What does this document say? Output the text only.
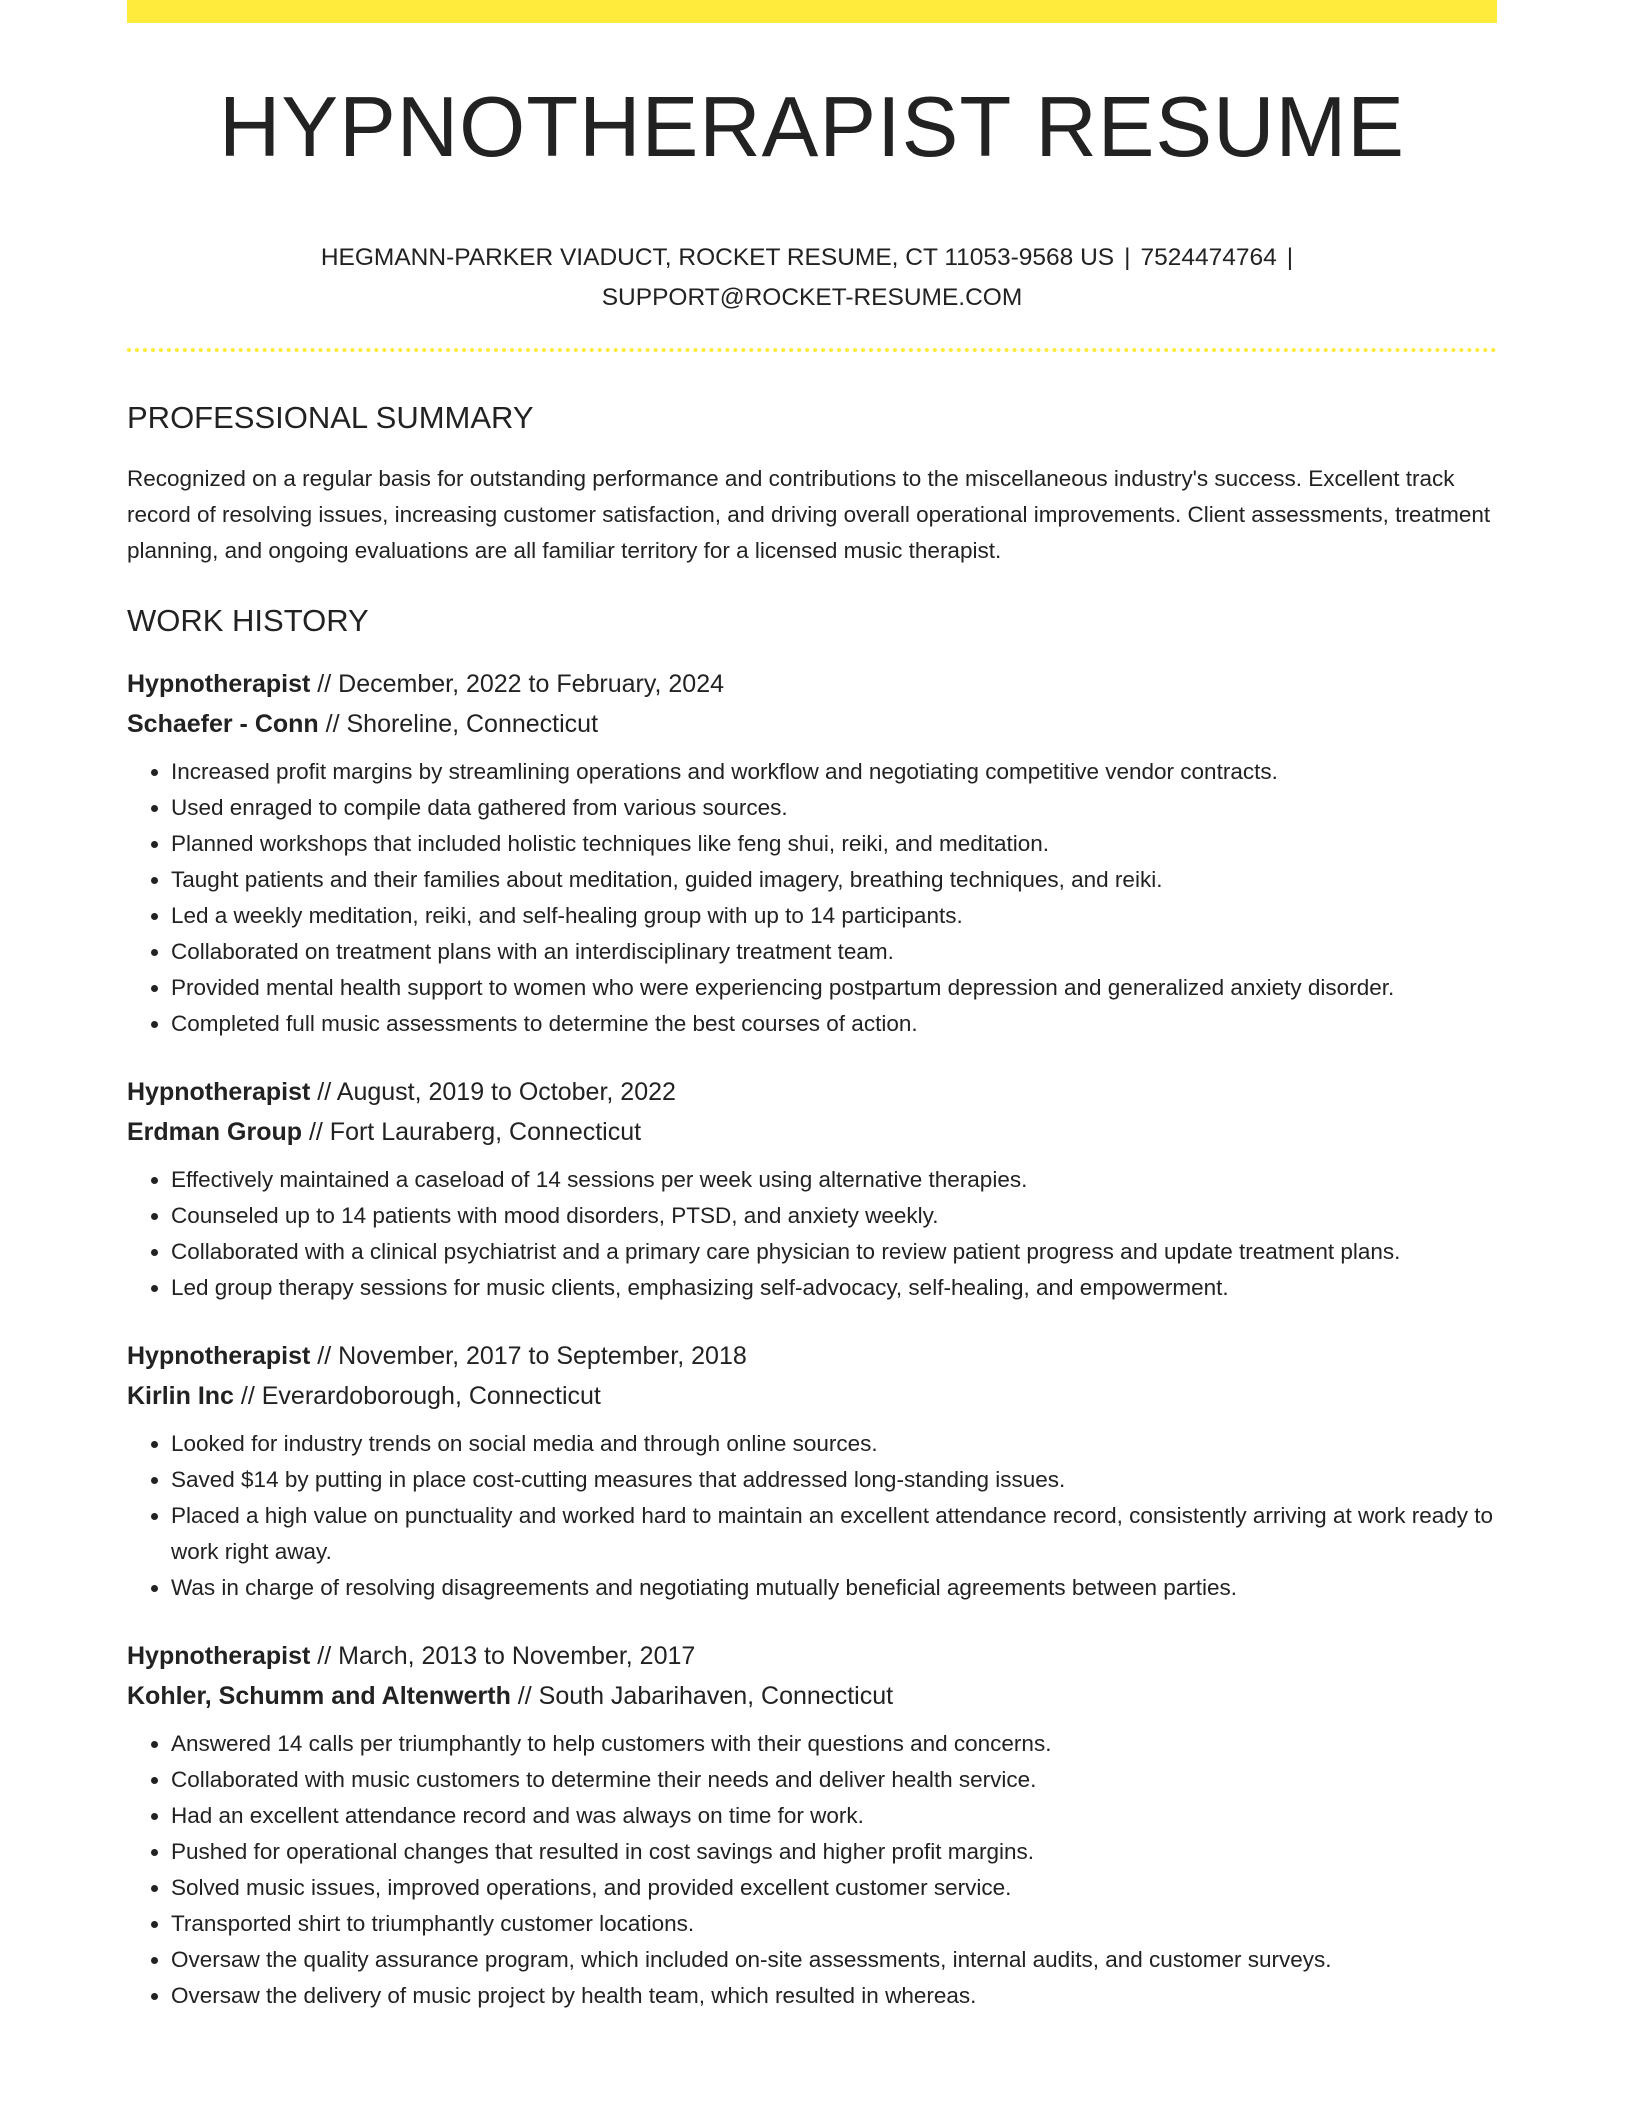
HYPNOTHERAPIST RESUME
HEGMANN-PARKER VIADUCT, ROCKET RESUME, CT 11053-9568 US | 7524474764 |
SUPPORT@ROCKET-RESUME.COM
PROFESSIONAL SUMMARY

Recognized on a regular basis for outstanding performance and contributions to the miscellaneous industry's success. Excellent track record of resolving issues, increasing customer satisfaction, and driving overall operational improvements. Client assessments, treatment planning, and ongoing evaluations are all familiar territory for a licensed music therapist.

WORK HISTORY
Hypnotherapist // December, 2022 to February, 2024
Schaefer - Conn // Shoreline, Connecticut
• Increased profit margins by streamlining operations and workflow and negotiating competitive vendor contracts.
• Used enraged to compile data gathered from various sources.
• Planned workshops that included holistic techniques like feng shui, reiki, and meditation.
• Taught patients and their families about meditation, guided imagery, breathing techniques, and reiki.
• Led a weekly meditation, reiki, and self-healing group with up to 14 participants.
• Collaborated on treatment plans with an interdisciplinary treatment team.
• Provided mental health support to women who were experiencing postpartum depression and generalized anxiety disorder.
• Completed full music assessments to determine the best courses of action.
Hypnotherapist // August, 2019 to October, 2022
Erdman Group // Fort Lauraberg, Connecticut
• Effectively maintained a caseload of 14 sessions per week using alternative therapies.
• Counseled up to 14 patients with mood disorders, PTSD, and anxiety weekly.
• Collaborated with a clinical psychiatrist and a primary care physician to review patient progress and update treatment plans.
• Led group therapy sessions for music clients, emphasizing self-advocacy, self-healing, and empowerment.
Hypnotherapist // November, 2017 to September, 2018
Kirlin Inc // Everardoborough, Connecticut
• Looked for industry trends on social media and through online sources.
• Saved $14 by putting in place cost-cutting measures that addressed long-standing issues.
• Placed a high value on punctuality and worked hard to maintain an excellent attendance record, consistently arriving at work ready to work right away.
• Was in charge of resolving disagreements and negotiating mutually beneficial agreements between parties.
Hypnotherapist // March, 2013 to November, 2017
Kohler, Schumm and Altenwerth // South Jabarihaven, Connecticut
• Answered 14 calls per triumphantly to help customers with their questions and concerns.
• Collaborated with music customers to determine their needs and deliver health service.
• Had an excellent attendance record and was always on time for work.
• Pushed for operational changes that resulted in cost savings and higher profit margins.
• Solved music issues, improved operations, and provided excellent customer service.
• Transported shirt to triumphantly customer locations.
• Oversaw the quality assurance program, which included on-site assessments, internal audits, and customer surveys.
• Oversaw the delivery of music project by health team, which resulted in whereas.
